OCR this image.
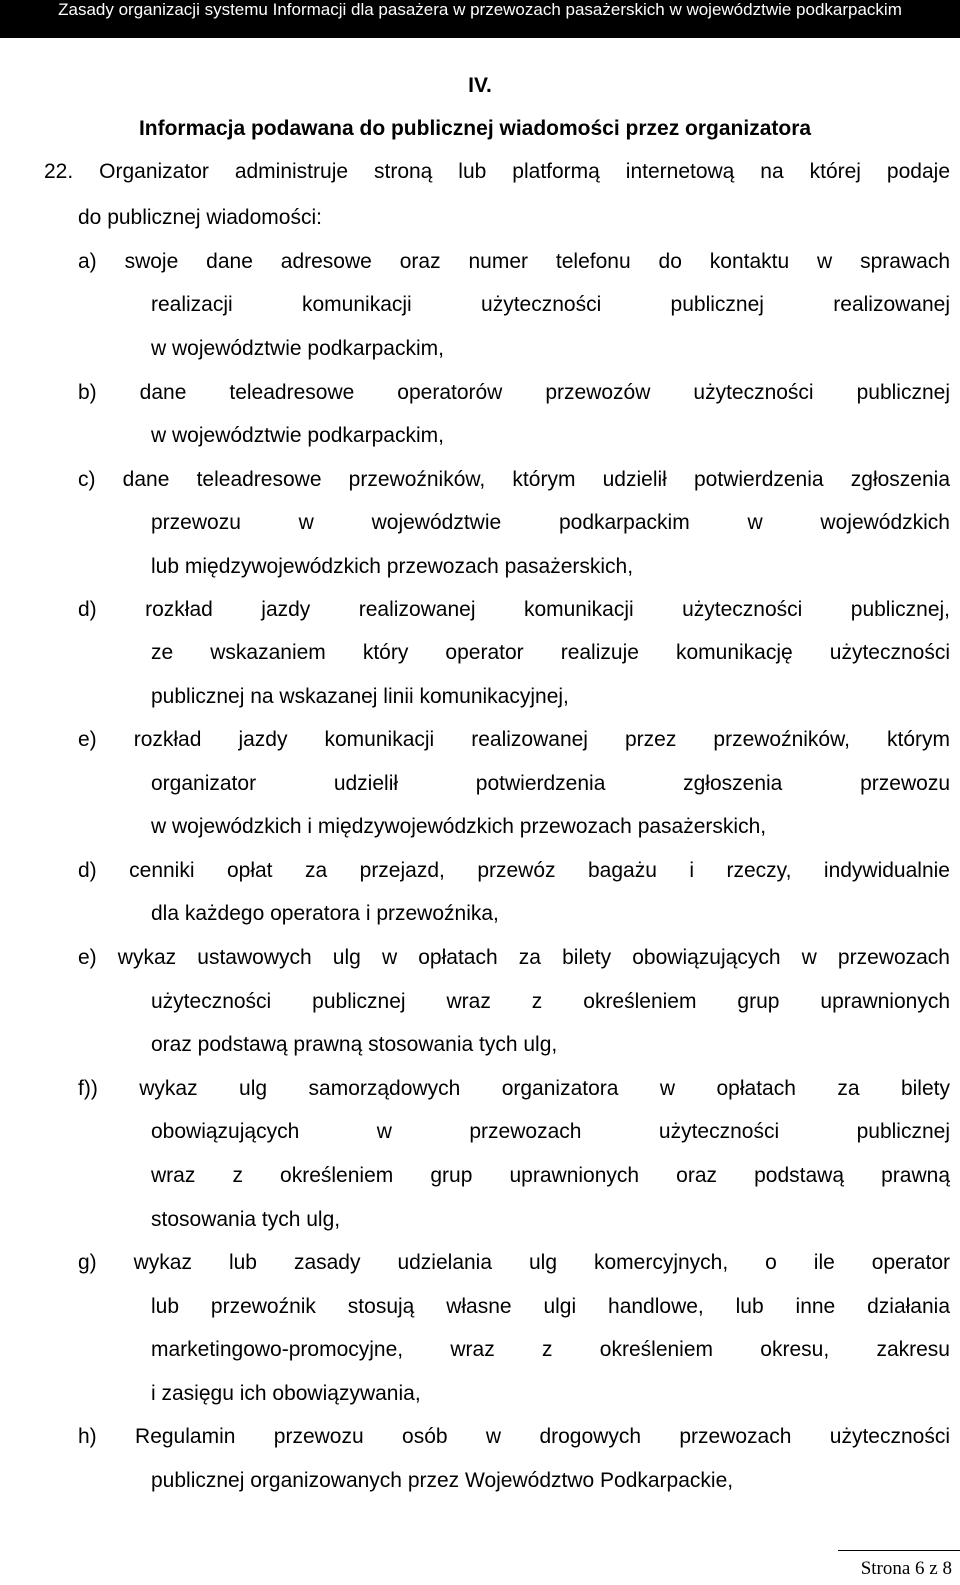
Zasady organizacji systemu Informacji dla pasażera w przewozach pasażerskich w województwie podkarpackim
IV.
Informacja podawana do publicznej wiadomości przez organizatora
22. Organizator administruje stroną lub platformą internetową na której podaje
do publicznej wiadomości:
a) swoje dane adresowe oraz numer telefonu do kontaktu w sprawach
realizacji komunikacji użyteczności publicznej realizowanej
w województwie podkarpackim,
b) dane teleadresowe operatorów przewozów użyteczności publicznej
w województwie podkarpackim,
c) dane teleadresowe przewoźników, którym udzielił potwierdzenia zgłoszenia
przewozu w województwie podkarpackim w wojewódzkich
lub międzywojewódzkich przewozach pasażerskich,
d) rozkład jazdy realizowanej komunikacji użyteczności publicznej,
ze wskazaniem który operator realizuje komunikację użyteczności
publicznej na wskazanej linii komunikacyjnej,
e) rozkład jazdy komunikacji realizowanej przez przewoźników, którym
organizator udzielił potwierdzenia zgłoszenia przewozu
w wojewódzkich i międzywojewódzkich przewozach pasażerskich,
d) cenniki opłat za przejazd, przewóz bagażu i rzeczy, indywidualnie
dla każdego operatora i przewoźnika,
e) wykaz ustawowych ulg w opłatach za bilety obowiązujących w przewozach
użyteczności publicznej wraz z określeniem grup uprawnionych
oraz podstawą prawną stosowania tych ulg,
f)) wykaz ulg samorządowych organizatora w opłatach za bilety
obowiązujących w przewozach użyteczności publicznej
wraz z określeniem grup uprawnionych oraz podstawą prawną
stosowania tych ulg,
g) wykaz lub zasady udzielania ulg komercyjnych, o ile operator
lub przewoźnik stosują własne ulgi handlowe, lub inne działania
marketingowo-promocyjne, wraz z określeniem okresu, zakresu
i zasięgu ich obowiązywania,
h) Regulamin przewozu osób w drogowych przewozach użyteczności
publicznej organizowanych przez Województwo Podkarpackie,
Strona 6 z 8
